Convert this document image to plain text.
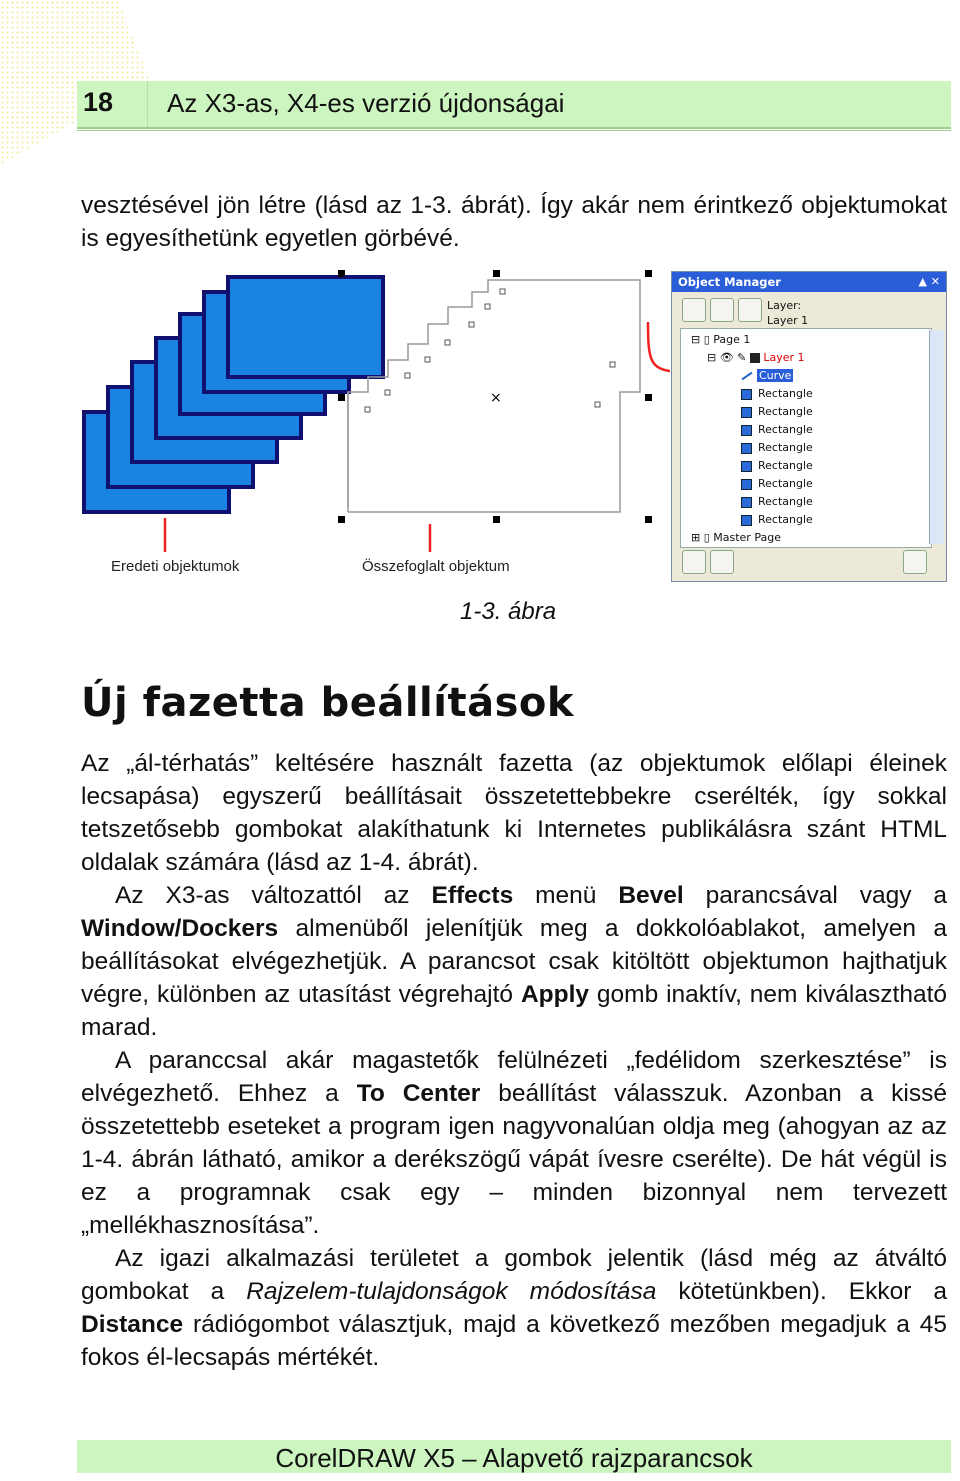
18 Az X3-as, X4-es verzió újdonságai
vesztésével jön létre (lásd az 1-3. ábrát). Így akár nem érintkező objektumokat is egyesíthetünk egyetlen görbévé.
×
Eredeti objektumok	Összefoglalt objektum
Object Manager	▲ ✕
Layer:
Layer 1
⊟ ▯ Page 1
⊟ 👁 ✎  Layer 1
Curve
Rectangle
Rectangle
Rectangle
Rectangle
Rectangle
Rectangle
Rectangle
Rectangle
⊞ ▯ Master Page

1-3. ábra
Új fazetta beállítások

Az „ál-térhatás” keltésére használt fazetta (az objektumok előlapi éleinek lecsapása) egyszerű beállításait összetettebbekre cserélték, így sokkal tetszetősebb gombokat alakíthatunk ki Internetes publikálásra szánt HTML oldalak számára (lásd az 1-4. ábrát).

Az X3-as változattól az Effects menü Bevel parancsával vagy a Window/Dockers almenüből jelenítjük meg a dokkolóablakot, amelyen a beállításokat elvégezhetjük. A parancsot csak kitöltött objektumon hajthatjuk végre, különben az utasítást végrehajtó Apply gomb inaktív, nem kiválasztható marad.

A paranccsal akár magastetők felülnézeti „fedélidom szerkesztése” is elvégezhető. Ehhez a To Center beállítást válasszuk. Azonban a kissé összetettebb eseteket a program igen nagyvonalúan oldja meg (ahogyan az az 1-4. ábrán látható, amikor a derékszögű vápát ívesre cserélte). De hát végül is ez a programnak csak egy – minden bizonnyal nem tervezett „mellékhasznosítása”.

Az igazi alkalmazási területet a gombok jelentik (lásd még az átváltó gombokat a Rajzelem-tulajdonságok módosítása kötetünkben). Ekkor a Distance rádiógombot választjuk, majd a következő mezőben megadjuk a 45 fokos él-lecsapás mértékét.

CorelDRAW X5 – Alapvető rajzparancsok
